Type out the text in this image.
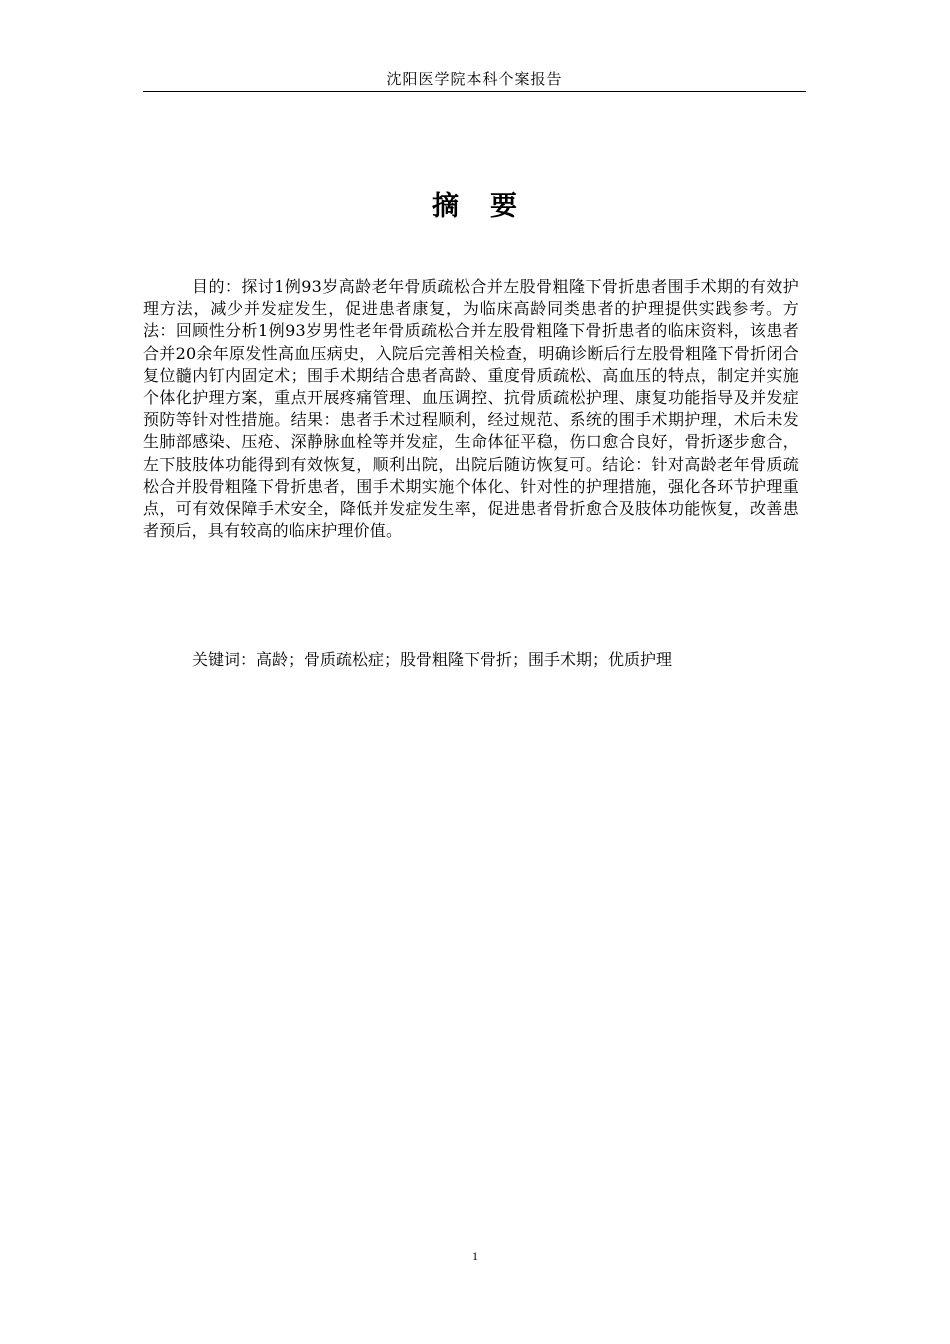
沈阳医学院本科个案报告
摘要

目的：探讨1例93岁高龄老年骨质疏松合并左股骨粗隆下骨折患者围手术期的有效护理方法，减少并发症发生，促进患者康复，为临床高龄同类患者的护理提供实践参考。方法：回顾性分析1例93岁男性老年骨质疏松合并左股骨粗隆下骨折患者的临床资料，该患者合并20余年原发性高血压病史，入院后完善相关检查，明确诊断后行左股骨粗隆下骨折闭合复位髓内钉内固定术；围手术期结合患者高龄、重度骨质疏松、高血压的特点，制定并实施个体化护理方案，重点开展疼痛管理、血压调控、抗骨质疏松护理、康复功能指导及并发症预防等针对性措施。结果：患者手术过程顺利，经过规范、系统的围手术期护理，术后未发生肺部感染、压疮、深静脉血栓等并发症，生命体征平稳，伤口愈合良好，骨折逐步愈合，左下肢肢体功能得到有效恢复，顺利出院，出院后随访恢复可。结论：针对高龄老年骨质疏松合并股骨粗隆下骨折患者，围手术期实施个体化、针对性的护理措施，强化各环节护理重点，可有效保障手术安全，降低并发症发生率，促进患者骨折愈合及肢体功能恢复，改善患者预后，具有较高的临床护理价值。

关键词：高龄；骨质疏松症；股骨粗隆下骨折；围手术期；优质护理

1
